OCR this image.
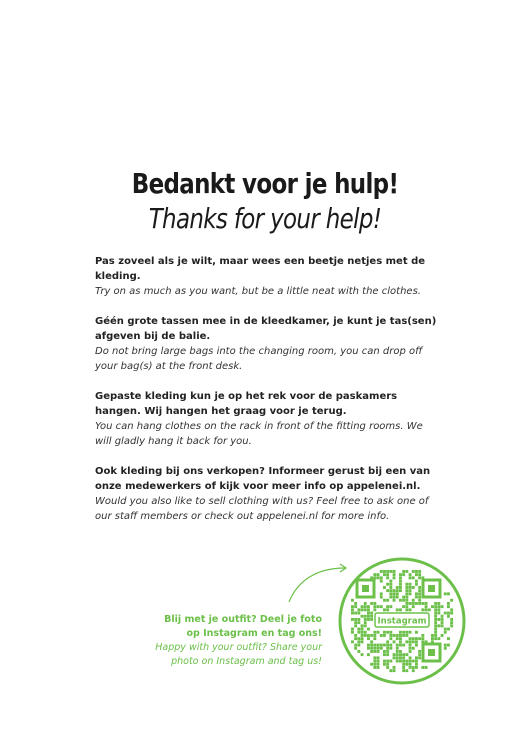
Bedankt voor je hulp!
Thanks for your help!

Pas zoveel als je wilt, maar wees een beetje netjes met de kleding.
Try on as much as you want, but be a little neat with the clothes.

Géén grote tassen mee in de kleedkamer, je kunt je tas(sen) afgeven bij de balie.
Do not bring large bags into the changing room, you can drop off your bag(s) at the front desk.

Gepaste kleding kun je op het rek voor de paskamers hangen. Wij hangen het graag voor je terug.
You can hang clothes on the rack in front of the fitting rooms. We will gladly hang it back for you.

Ook kleding bij ons verkopen? Informeer gerust bij een van onze medewerkers of kijk voor meer info op appelenei.nl.
Would you also like to sell clothing with us? Feel free to ask one of our staff members or check out appelenei.nl for more info.

Blij met je outfit? Deel je foto op Instagram en tag ons!
Happy with your outfit? Share your photo on Instagram and tag us!
Instagram
